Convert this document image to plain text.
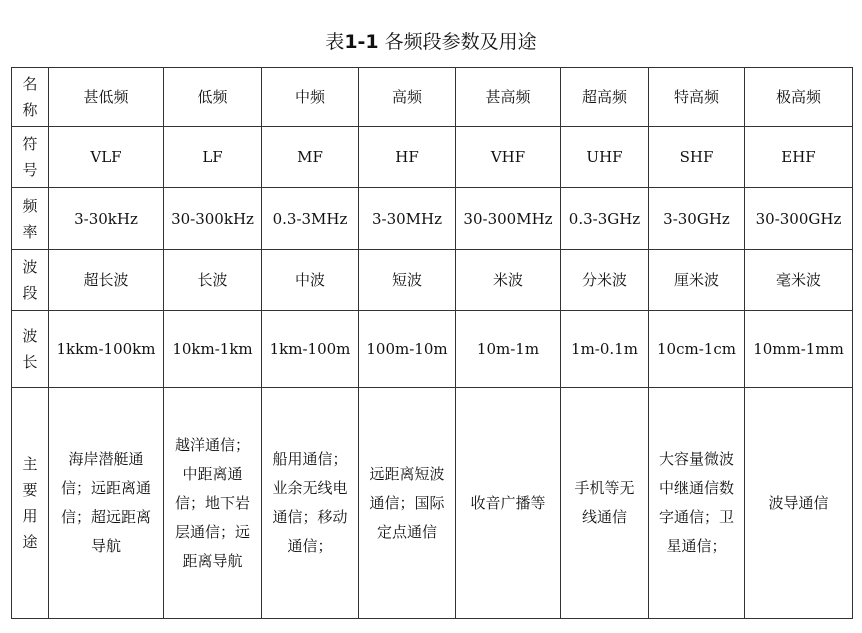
表1-1 各频段参数及用途
名
称	甚低频	低频	中频	高频	甚高频	超高频	特高频	极高频

符
号	VLF	LF	MF	HF	VHF	UHF	SHF	EHF

频
率	3-30kHz	30-300kHz	0.3-3MHz	3-30MHz	30-300MHz	0.3-3GHz	3-30GHz	30-300GHz

波
段	超长波	长波	中波	短波	米波	分米波	厘米波	毫米波

波
长	1kkm-100km	10km-1km	1km-100m	100m-10m	10m-1m	1m-0.1m	10cm-1cm	10mm-1mm

主
要
用
途	海岸潜艇通信；远距离通信；超远距离导航	越洋通信；中距离通信；地下岩层通信；远距离导航	船用通信；业余无线电通信；移动通信；	远距离短波通信；国际定点通信	收音广播等	手机等无线通信	大容量微波中继通信数字通信；卫星通信；	波导通信
